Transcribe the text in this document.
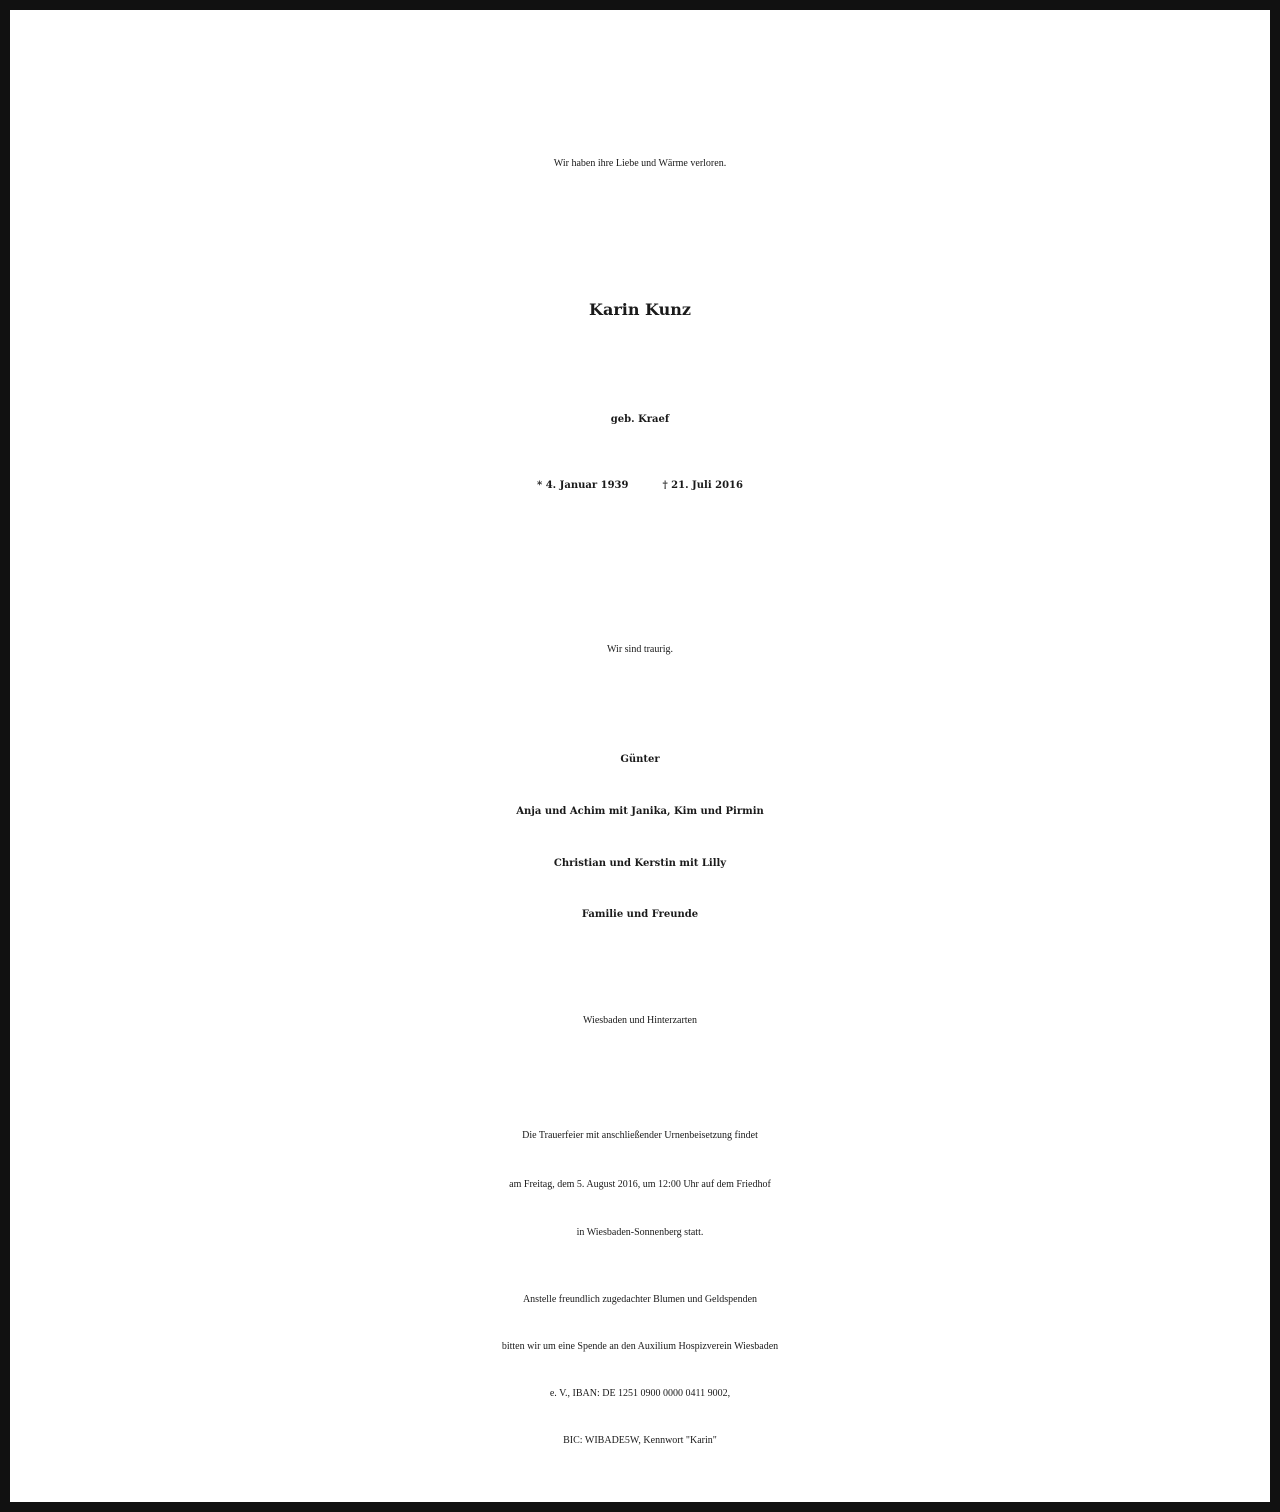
Wir haben ihre Liebe und Wärme verloren.
Karin Kunz
geb. Kraef
* 4. Januar 1939	† 21. Juli 2016
Wir sind traurig.
Günter
Anja und Achim mit Janika, Kim und Pirmin
Christian und Kerstin mit Lilly
Familie und Freunde
Wiesbaden und Hinterzarten
Die Trauerfeier mit anschließender Urnenbeisetzung findet
am Freitag, dem 5. August 2016, um 12:00 Uhr auf dem Friedhof
in Wiesbaden-Sonnenberg statt.
Anstelle freundlich zugedachter Blumen und Geldspenden
bitten wir um eine Spende an den Auxilium Hospizverein Wiesbaden
e. V., IBAN: DE 1251 0900 0000 0411 9002,
BIC: WIBADE5W, Kennwort "Karin"
